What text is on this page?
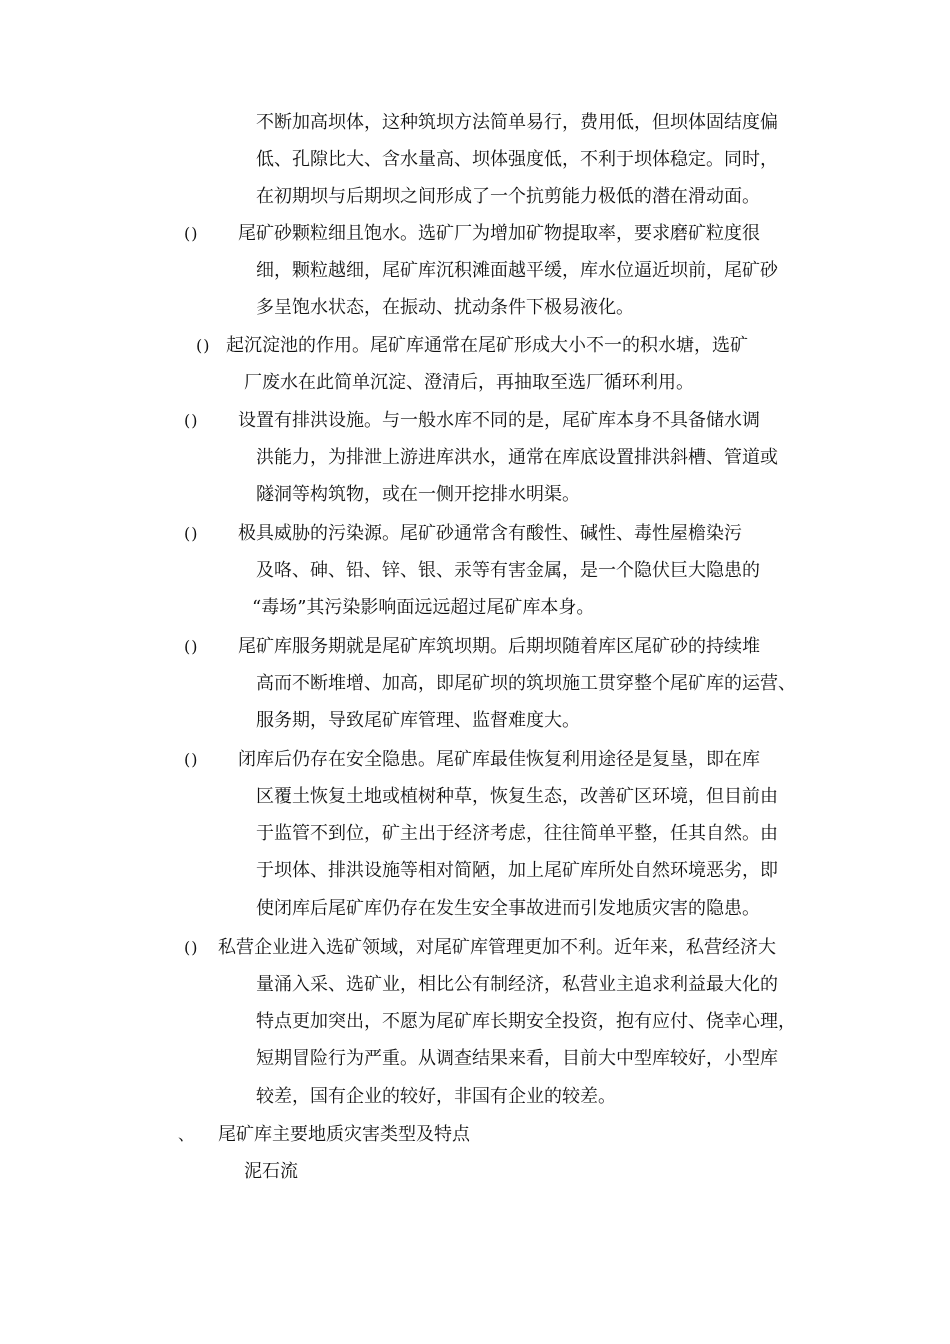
不断加高坝体，这种筑坝方法简单易行，费用低，但坝体固结度偏
低、孔隙比大、含水量高、坝体强度低，不利于坝体稳定。同时，
在初期坝与后期坝之间形成了一个抗剪能力极低的潜在滑动面。
() 尾矿砂颗粒细且饱水。选矿厂为增加矿物提取率，要求磨矿粒度很
细，颗粒越细，尾矿库沉积滩面越平缓，库水位逼近坝前，尾矿砂
多呈饱水状态，在振动、扰动条件下极易液化。
() 起沉淀池的作用。尾矿库通常在尾矿形成大小不一的积水塘，选矿
厂废水在此简单沉淀、澄清后，再抽取至选厂循环利用。
() 设置有排洪设施。与一般水库不同的是，尾矿库本身不具备储水调
洪能力，为排泄上游进库洪水，通常在库底设置排洪斜槽、管道或
隧洞等构筑物，或在一侧开挖排水明渠。
() 极具威胁的污染源。尾矿砂通常含有酸性、碱性、毒性屋檐染污
及咯、砷、铅、锌、银、汞等有害金属，是一个隐伏巨大隐患的
“毒场”其污染影响面远远超过尾矿库本身。
() 尾矿库服务期就是尾矿库筑坝期。后期坝随着库区尾矿砂的持续堆
高而不断堆增、加高，即尾矿坝的筑坝施工贯穿整个尾矿库的运营、
服务期，导致尾矿库管理、监督难度大。
() 闭库后仍存在安全隐患。尾矿库最佳恢复利用途径是复垦，即在库
区覆土恢复土地或植树种草，恢复生态，改善矿区环境，但目前由
于监管不到位，矿主出于经济考虑，往往简单平整，任其自然。由
于坝体、排洪设施等相对简陋，加上尾矿库所处自然环境恶劣，即
使闭库后尾矿库仍存在发生安全事故进而引发地质灾害的隐患。
() 私营企业进入选矿领域，对尾矿库管理更加不利。近年来，私营经济大
量涌入采、选矿业，相比公有制经济，私营业主追求利益最大化的
特点更加突出，不愿为尾矿库长期安全投资，抱有应付、侥幸心理，
短期冒险行为严重。从调查结果来看，目前大中型库较好，小型库
较差，国有企业的较好，非国有企业的较差。
、 尾矿库主要地质灾害类型及特点
泥石流
